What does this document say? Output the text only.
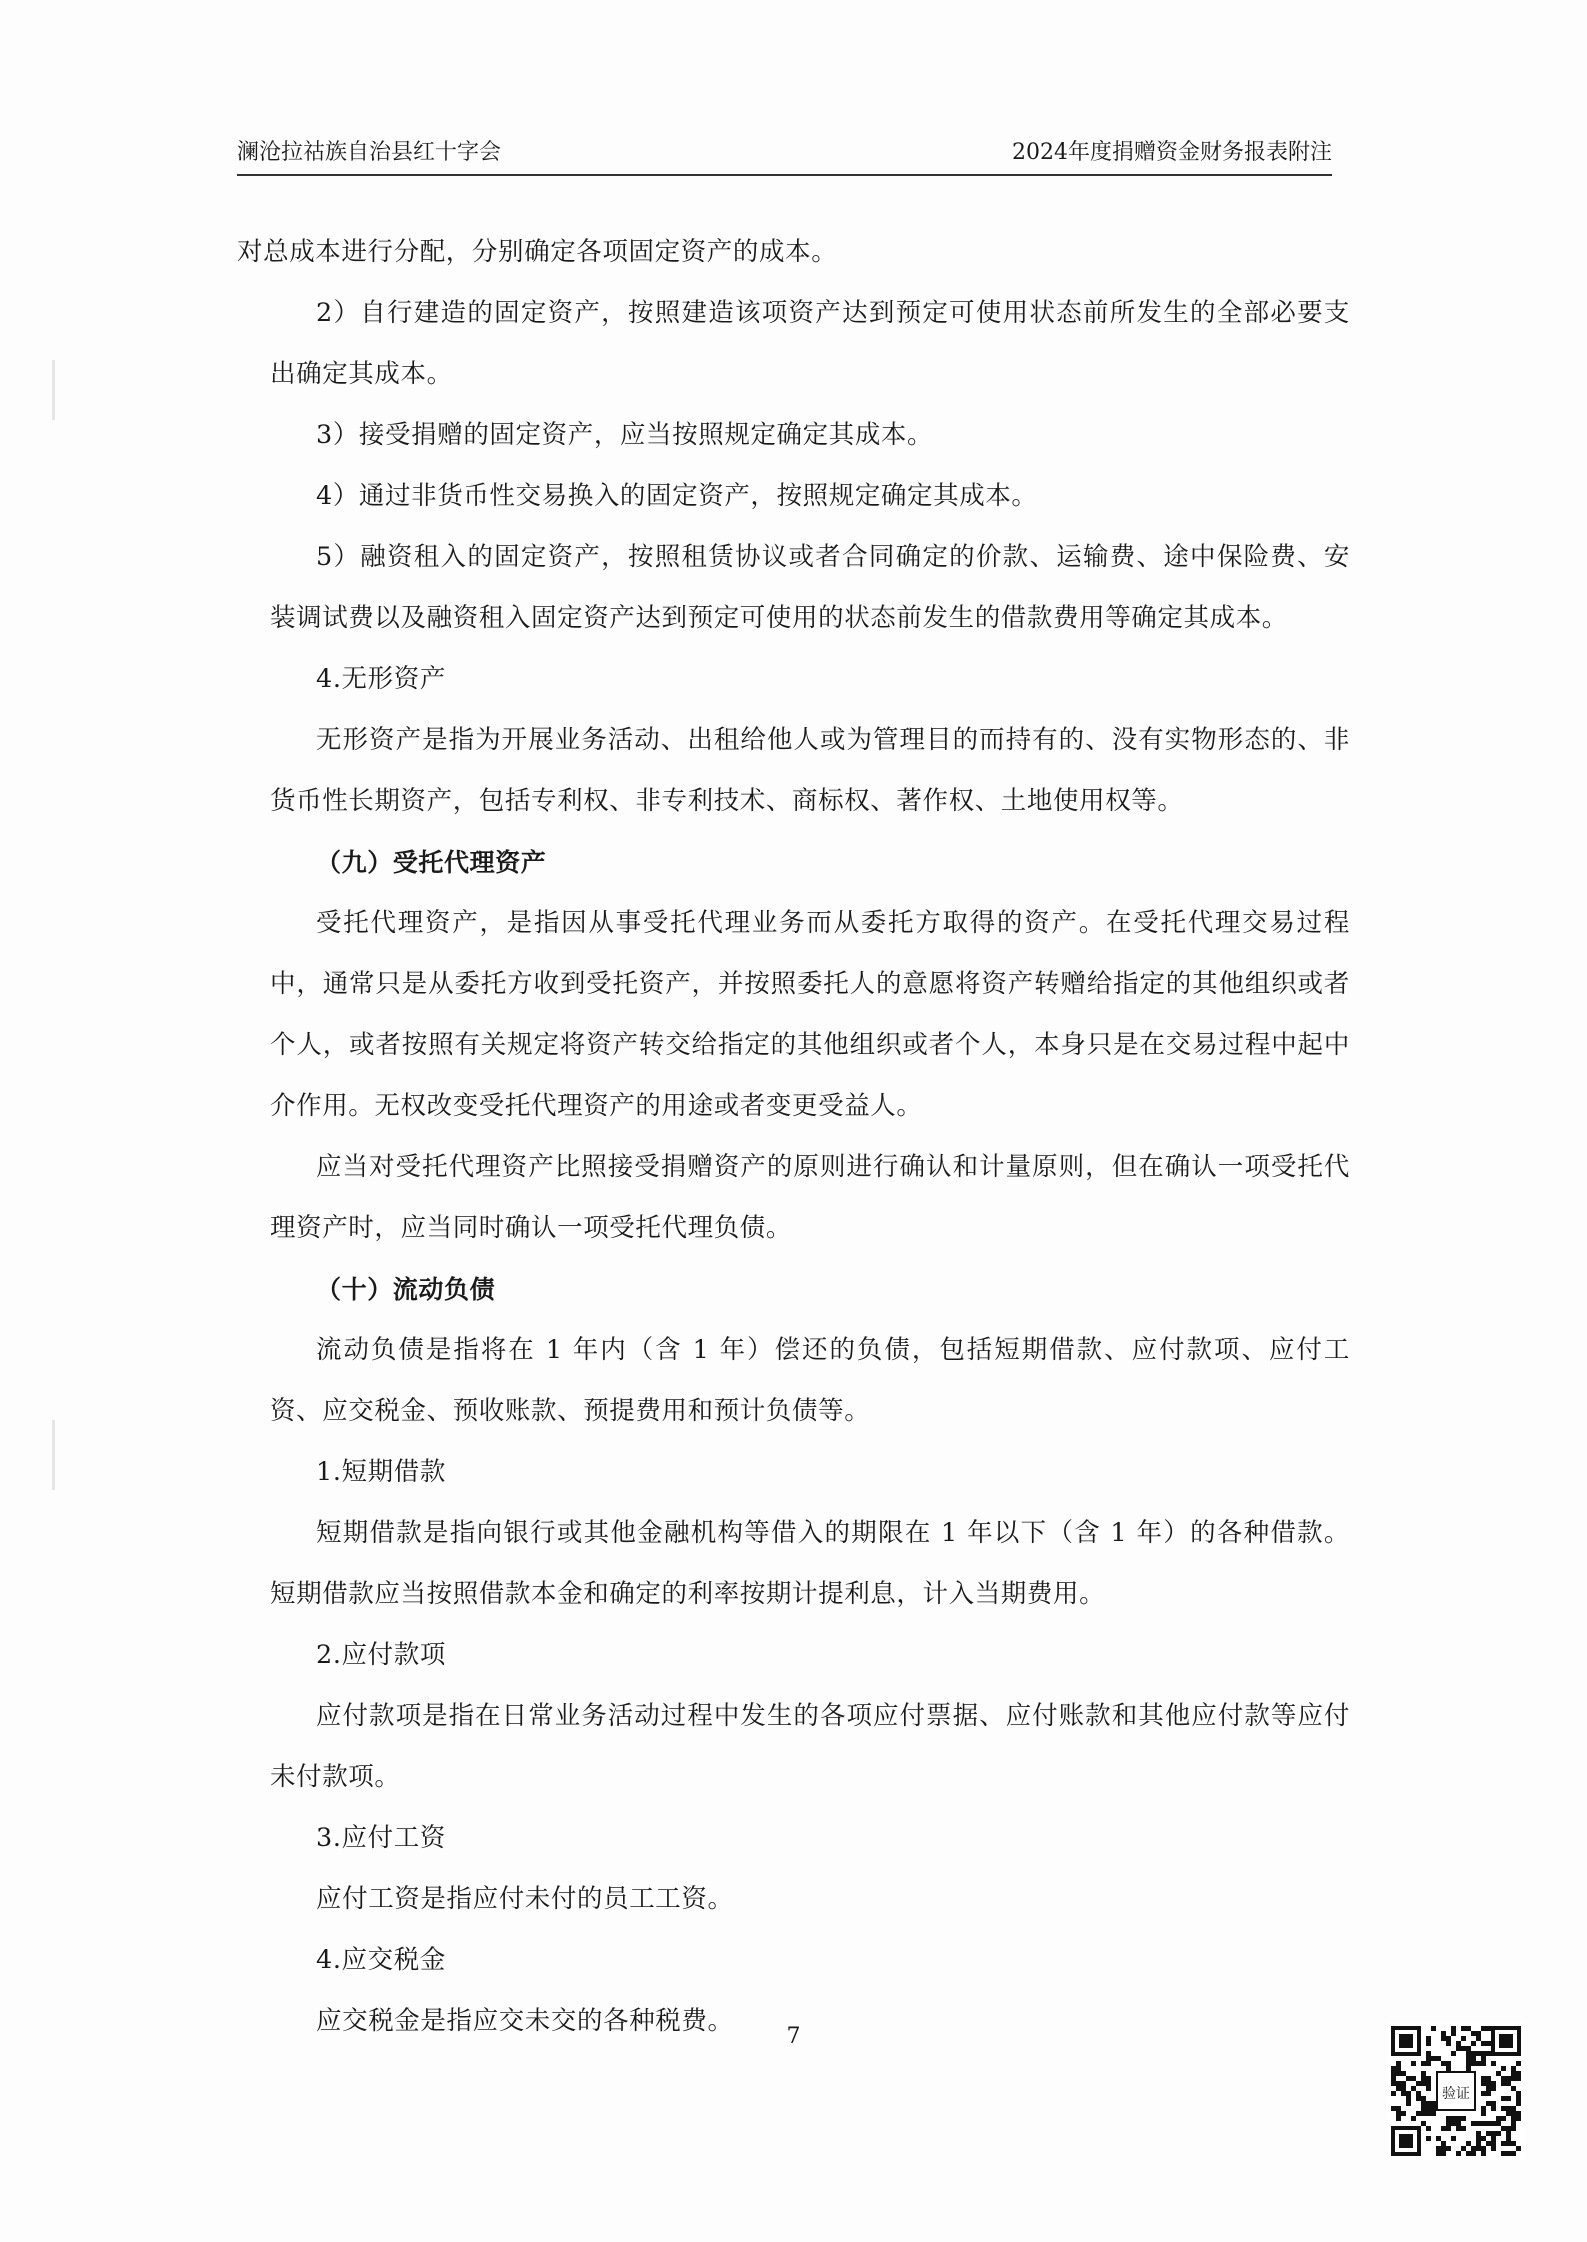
澜沧拉祜族自治县红十字会	2024年度捐赠资金财务报表附注

对总成本进行分配，分别确定各项固定资产的成本。

2）自行建造的固定资产，按照建造该项资产达到预定可使用状态前所发生的全部必要支出确定其成本。

3）接受捐赠的固定资产，应当按照规定确定其成本。

4）通过非货币性交易换入的固定资产，按照规定确定其成本。

5）融资租入的固定资产，按照租赁协议或者合同确定的价款、运输费、途中保险费、安装调试费以及融资租入固定资产达到预定可使用的状态前发生的借款费用等确定其成本。

4.无形资产

无形资产是指为开展业务活动、出租给他人或为管理目的而持有的、没有实物形态的、非货币性长期资产，包括专利权、非专利技术、商标权、著作权、土地使用权等。

（九）受托代理资产

受托代理资产，是指因从事受托代理业务而从委托方取得的资产。在受托代理交易过程中，通常只是从委托方收到受托资产，并按照委托人的意愿将资产转赠给指定的其他组织或者个人，或者按照有关规定将资产转交给指定的其他组织或者个人，本身只是在交易过程中起中介作用。无权改变受托代理资产的用途或者变更受益人。

应当对受托代理资产比照接受捐赠资产的原则进行确认和计量原则，但在确认一项受托代理资产时，应当同时确认一项受托代理负债。

（十）流动负债

流动负债是指将在 1 年内（含 1 年）偿还的负债，包括短期借款、应付款项、应付工资、应交税金、预收账款、预提费用和预计负债等。

1.短期借款

短期借款是指向银行或其他金融机构等借入的期限在 1 年以下（含 1 年）的各种借款。短期借款应当按照借款本金和确定的利率按期计提利息，计入当期费用。

2.应付款项

应付款项是指在日常业务活动过程中发生的各项应付票据、应付账款和其他应付款等应付未付款项。

3.应付工资

应付工资是指应付未付的员工工资。

4.应交税金

应交税金是指应交未交的各种税费。

7
验证
